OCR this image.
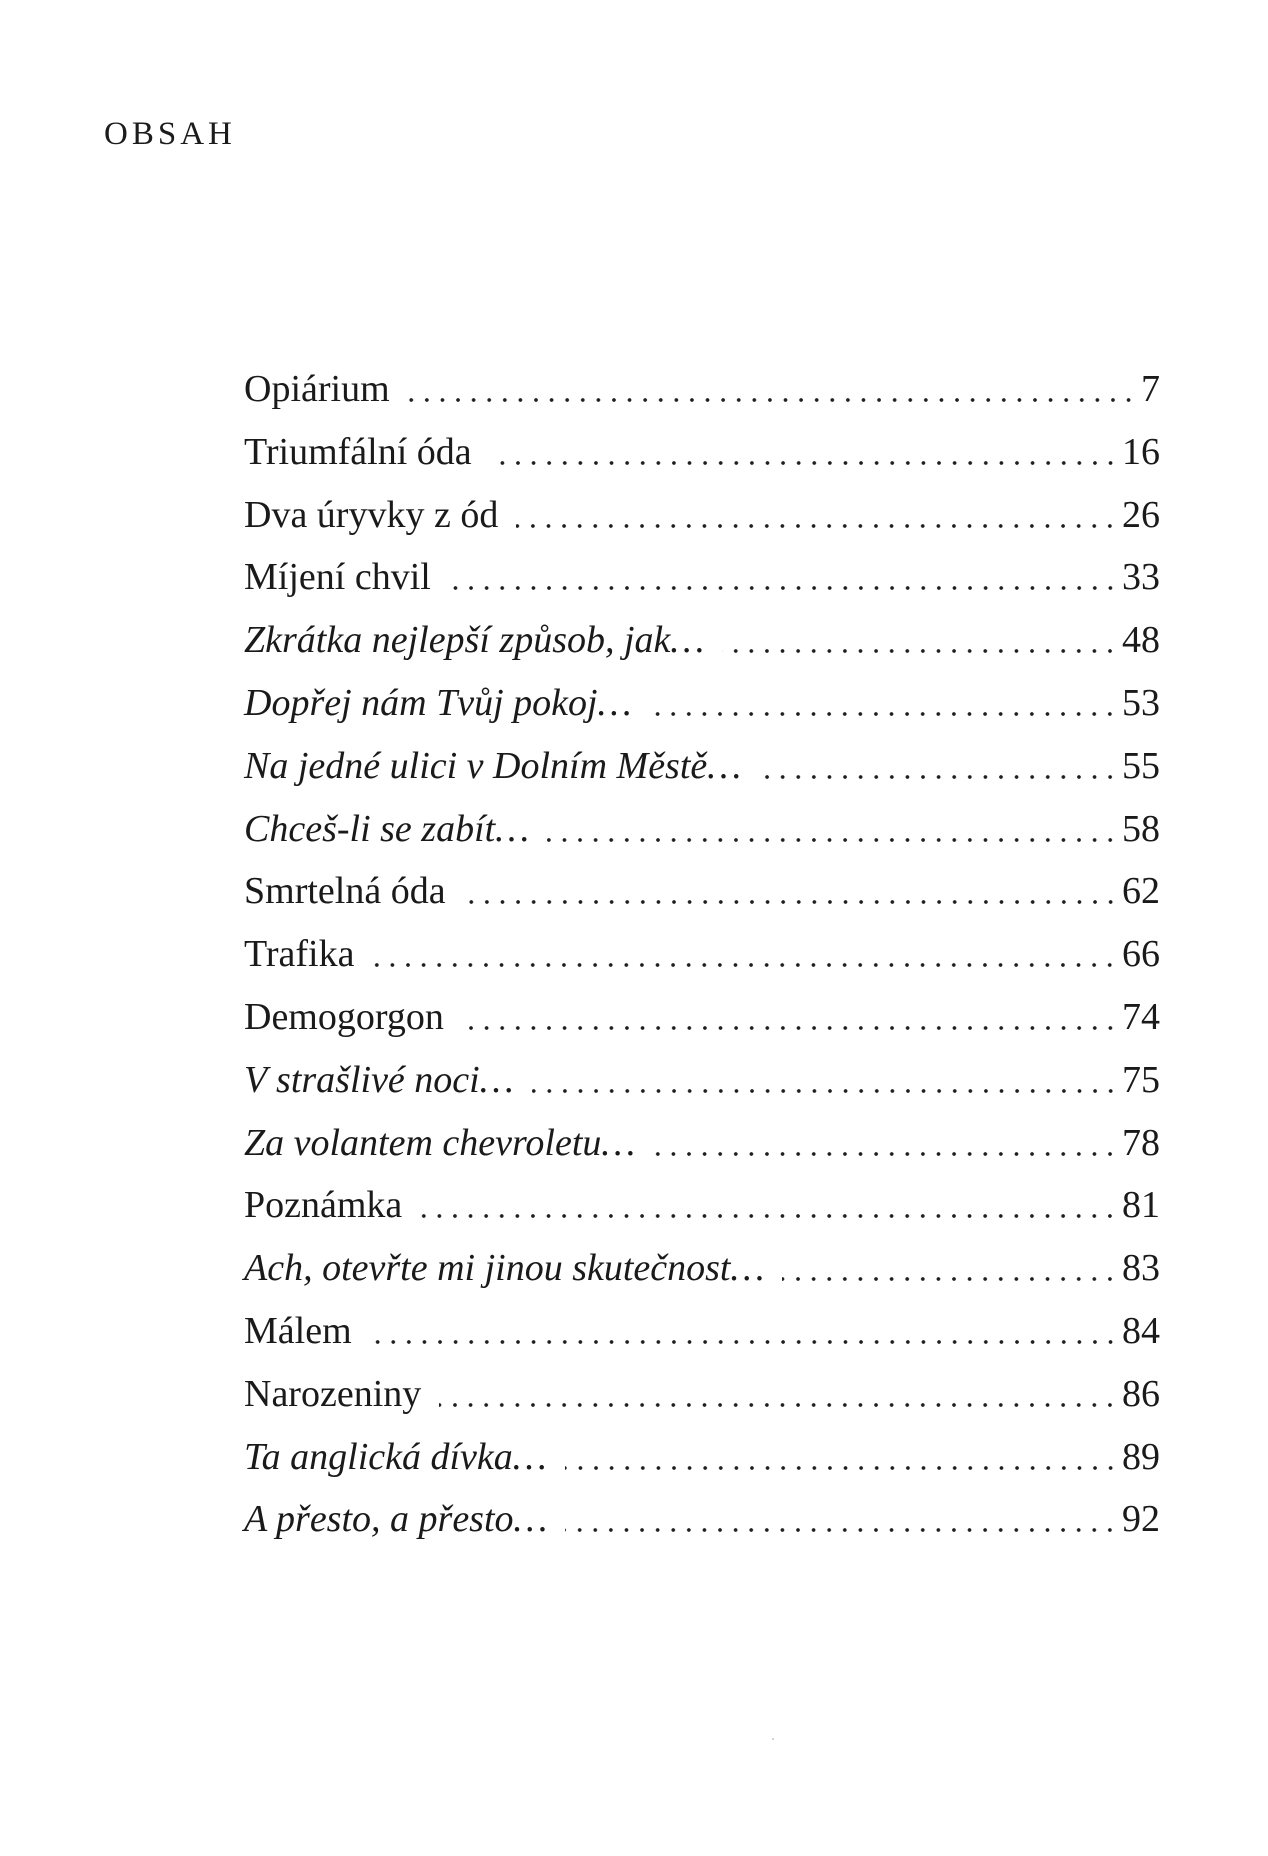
OBSAH
Opiárium	7
Triumfální óda	16
Dva úryvky z ód	26
Míjení chvil	33
Zkrátka nejlepší způsob, jak…	48
Dopřej nám Tvůj pokoj…	53
Na jedné ulici v Dolním Městě…	55
Chceš-li se zabít…	58
Smrtelná óda	62
Trafika	66
Demogorgon	74
V strašlivé noci…	75
Za volantem chevroletu…	78
Poznámka	81
Ach, otevřte mi jinou skutečnost…	83
Málem	84
Narozeniny	86
Ta anglická dívka…	89
A přesto, a přesto…	92
